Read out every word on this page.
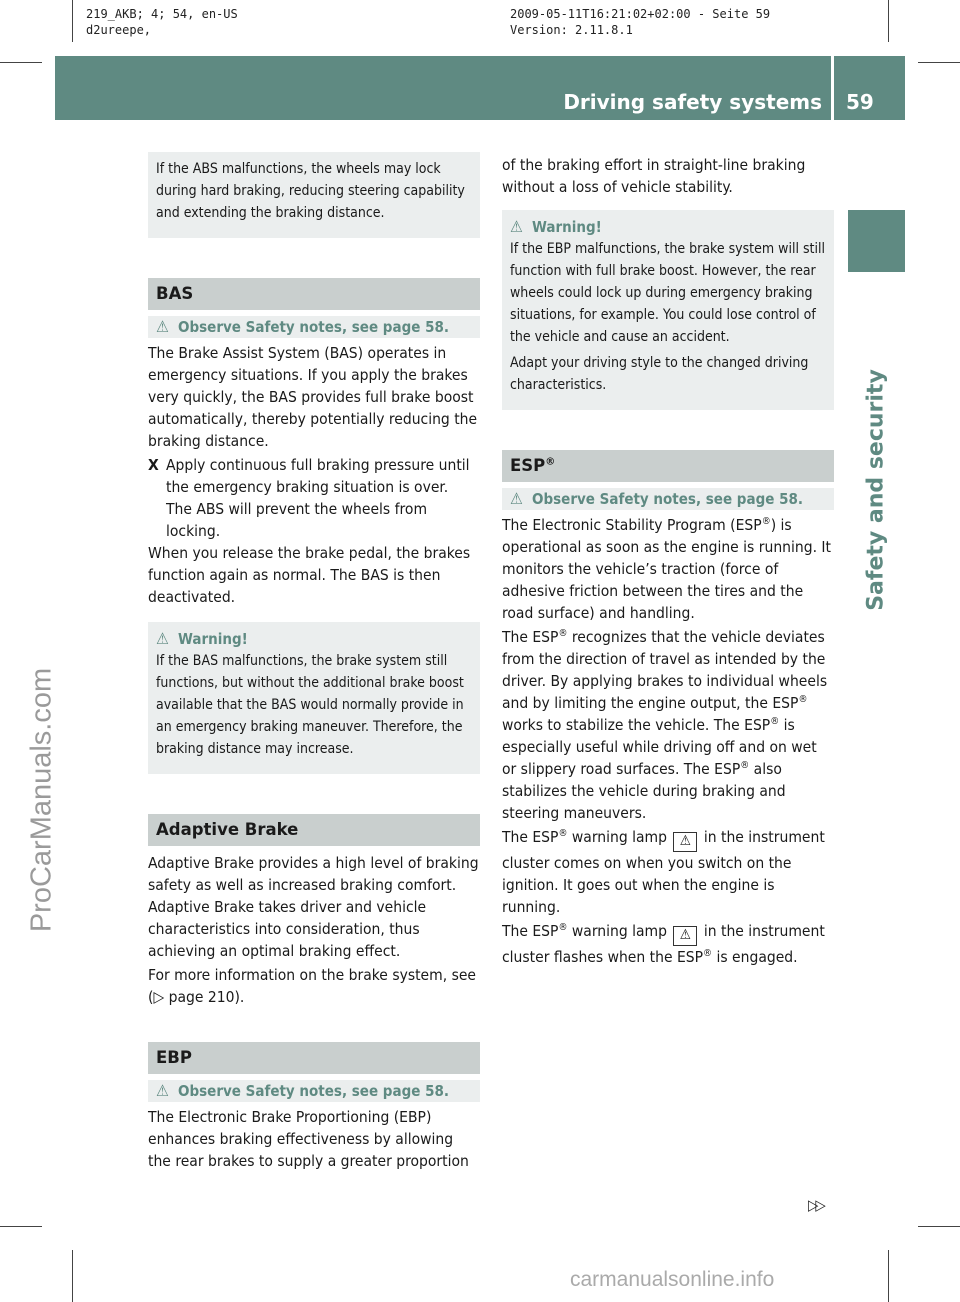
219_AKB; 4; 54, en-US
d2ureepe,
2009-05-11T16:21:02+02:00 - Seite 59
Version: 2.11.8.1
Driving safety systems 59
Safety and security
ProCarManuals.com
carmanualsonline.info
▷▷

If the ABS malfunctions, the wheels may lock during hard braking, reducing steering capability and extending the braking distance.

BAS
⚠ Observe Safety notes, see page 58.

The Brake Assist System (BAS) operates in emergency situations. If you apply the brakes very quickly, the BAS provides full brake boost automatically, thereby potentially reducing the braking distance.

X Apply continuous full braking pressure until the emergency braking situation is over.
The ABS will prevent the wheels from locking.

When you release the brake pedal, the brakes function again as normal. The BAS is then deactivated.

⚠ Warning!

If the BAS malfunctions, the brake system still functions, but without the additional brake boost available that the BAS would normally provide in an emergency braking maneuver. Therefore, the braking distance may increase.

Adaptive Brake

Adaptive Brake provides a high level of braking safety as well as increased braking comfort. Adaptive Brake takes driver and vehicle characteristics into consideration, thus achieving an optimal braking effect.

For more information on the brake system, see (▷ page 210).

EBP
⚠ Observe Safety notes, see page 58.

The Electronic Brake Proportioning (EBP) enhances braking effectiveness by allowing the rear brakes to supply a greater proportion

of the braking effort in straight-line braking without a loss of vehicle stability.

⚠ Warning!

If the EBP malfunctions, the brake system will still function with full brake boost. However, the rear wheels could lock up during emergency braking situations, for example. You could lose control of the vehicle and cause an accident.

Adapt your driving style to the changed driving characteristics.

ESP®
⚠ Observe Safety notes, see page 58.

The Electronic Stability Program (ESP®) is operational as soon as the engine is running. It monitors the vehicle’s traction (force of adhesive friction between the tires and the road surface) and handling.

The ESP® recognizes that the vehicle deviates from the direction of travel as intended by the driver. By applying brakes to individual wheels and by limiting the engine output, the ESP® works to stabilize the vehicle. The ESP® is especially useful while driving off and on wet or slippery road surfaces. The ESP® also stabilizes the vehicle during braking and steering maneuvers.

The ESP® warning lamp ⚠ in the instrument cluster comes on when you switch on the ignition. It goes out when the engine is running.

The ESP® warning lamp ⚠ in the instrument cluster flashes when the ESP® is engaged.
